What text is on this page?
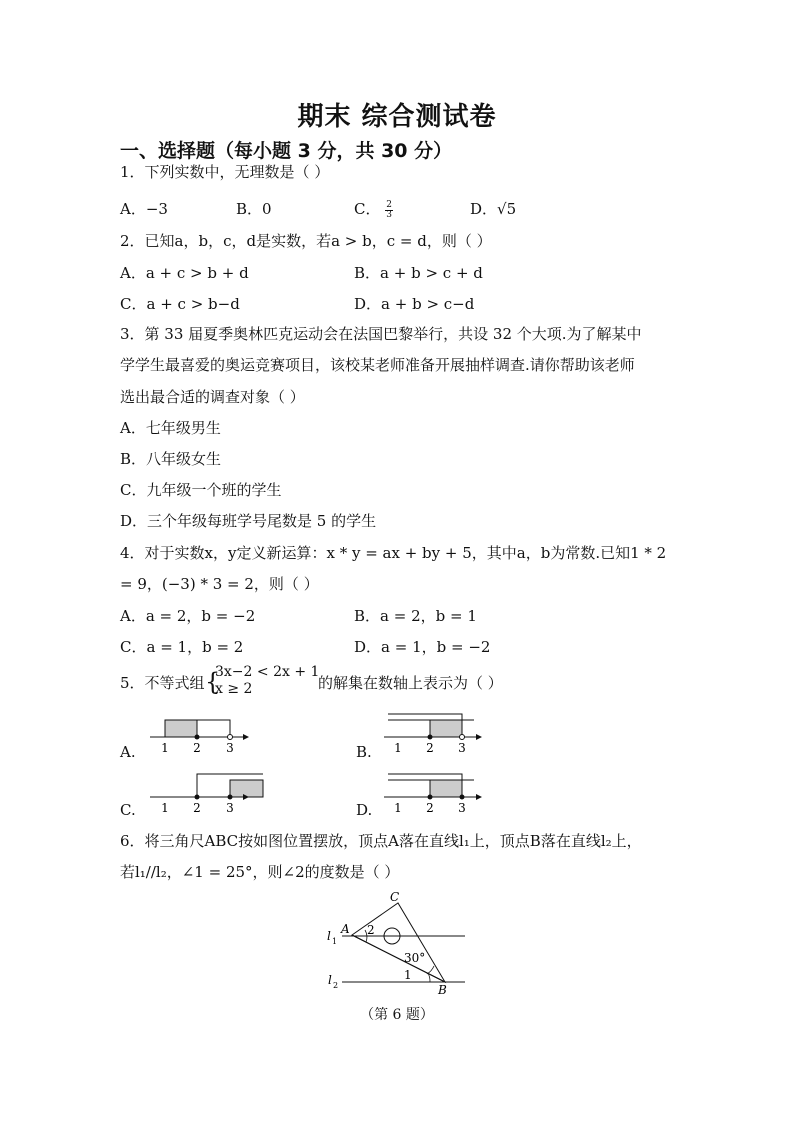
期末 综合测试卷
一、选择题（每小题 3 分，共 30 分）
1．下列实数中，无理数是（ ）
A．−3	B．0	C． $\frac{2}{3}$	D．√5
2．已知a，b，c，d是实数，若a > b，c = d，则（ ）
A．a + c > b + d	B．a + b > c + d
C．a + c > b−d	D．a + b > c−d
3．第 33 届夏季奥林匹克运动会在法国巴黎举行，共设 32 个大项.为了解某中
学学生最喜爱的奥运竞赛项目，该校某老师准备开展抽样调查.请你帮助该老师
选出最合适的调查对象（ ）
A．七年级男生
B．八年级女生
C．九年级一个班的学生
D．三个年级每班学号尾数是 5 的学生
4．对于实数x，y定义新运算：x * y = ax + by + 5，其中a，b为常数.已知1 * 2
= 9，(−3) * 3 = 2，则（ ）
A．a = 2，b = −2	B．a = 2，b = 1
C．a = 1，b = 2	D．a = 1，b = −2
5．不等式组 {
3x−2 < 2x + 1
x ≥ 2	的解集在数轴上表示为（ ）
A.	B.
C.	D.
1 2 3	1 2 3
1 2 3	1 2 3
6．将三角尺ABC按如图位置摆放，顶点A落在直线l₁上，顶点B落在直线l₂上，
若l₁//l₂，∠1 = 25°，则∠2的度数是（ ）
C
A
B
l 1
l 2
2
1
30°
（第 6 题）
